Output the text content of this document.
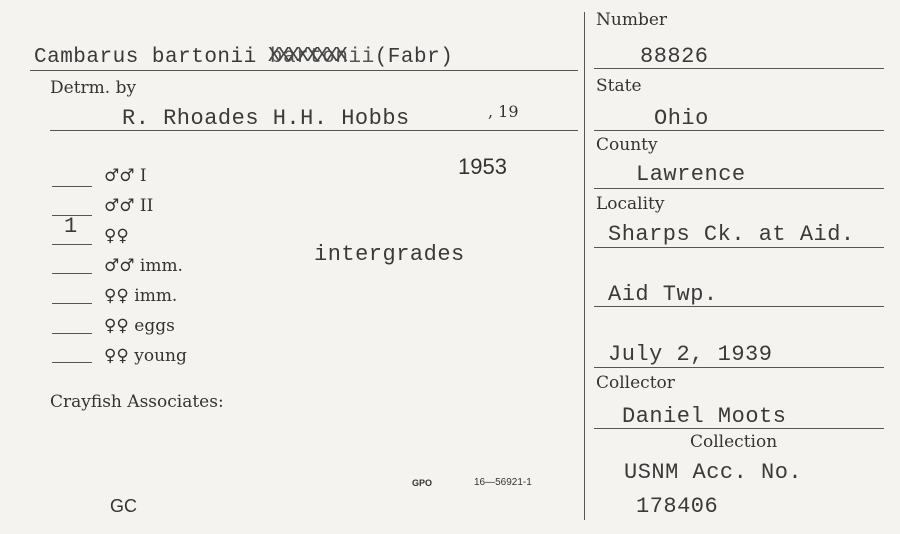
Cambarus bartonii bartonii XXXXXXXX(Fabr)
Detrm. by
R. Rhoades H.H. Hobbs	, 19
1953
♂♂ I
♂♂ II
1 ♀♀
♂♂ imm.
♀♀ imm.
♀♀ eggs
♀♀ young
intergrades
Crayfish Associates:
GC
GPO	16—56921-1
Number
88826
State
Ohio
County
Lawrence
Locality
Sharps Ck. at Aid.
Aid Twp.
July 2, 1939
Collector
Daniel Moots
Collection
USNM Acc. No.
178406
